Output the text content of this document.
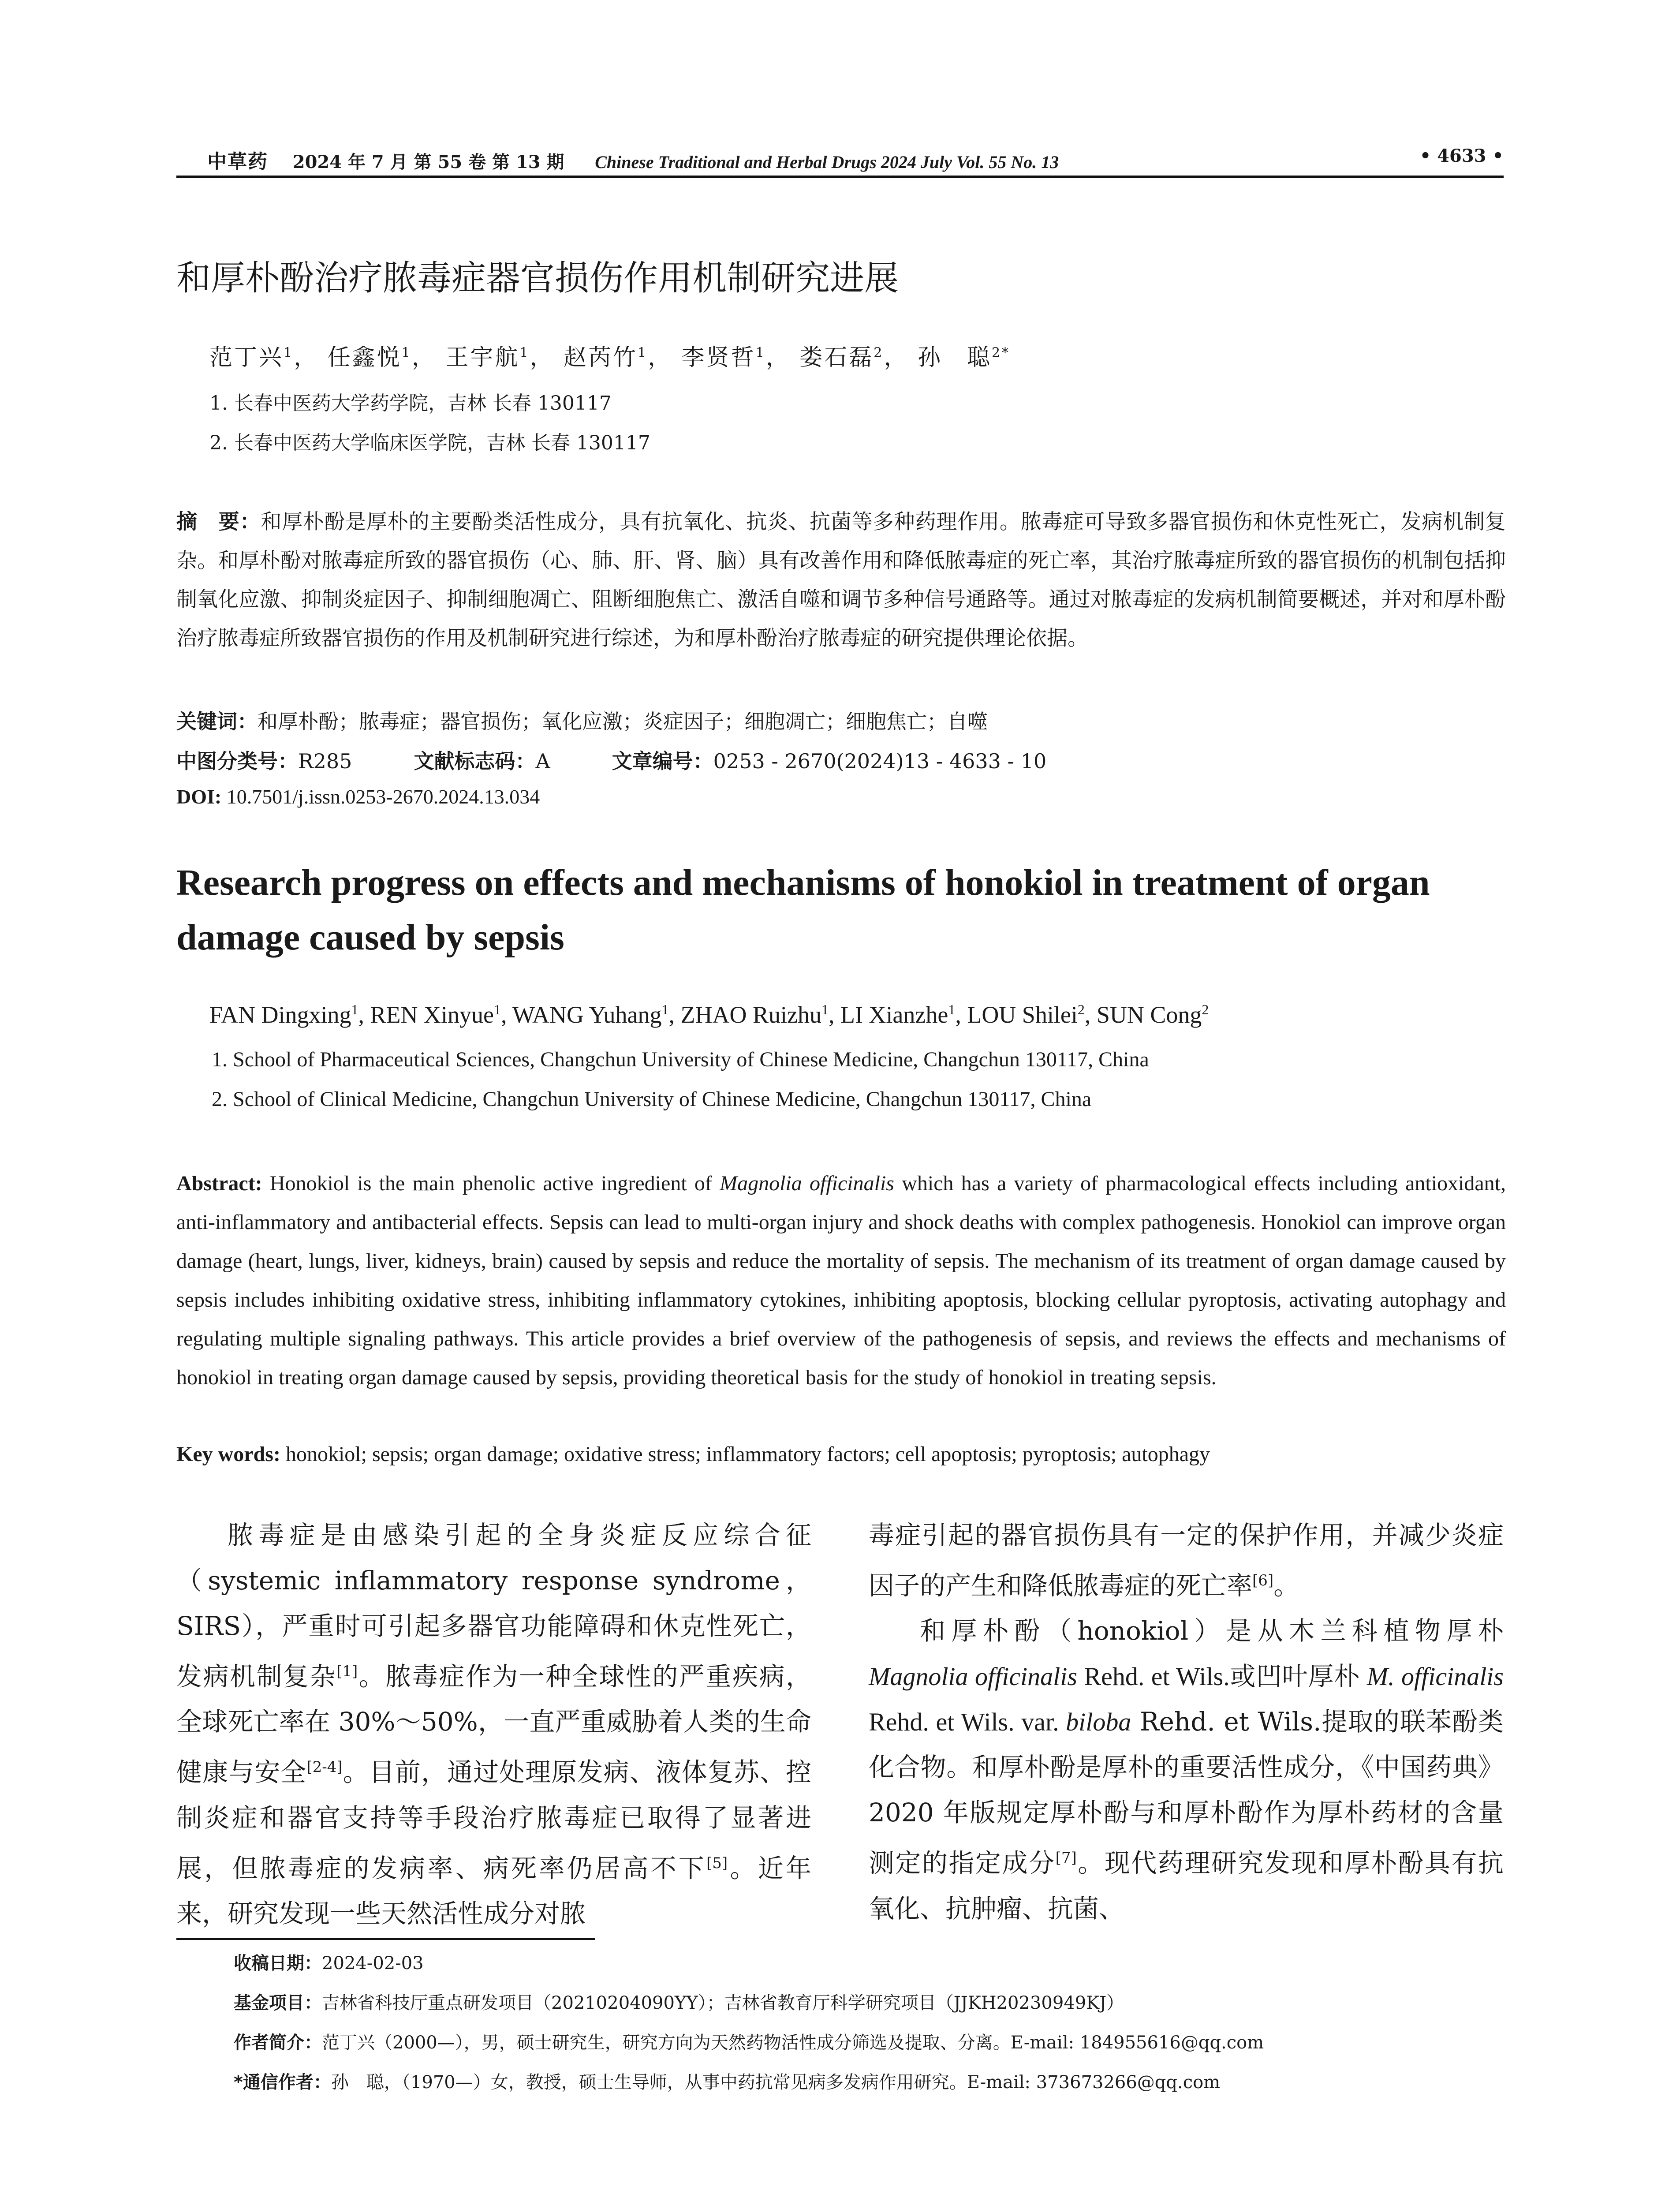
中草药 2024 年 7 月 第 55 卷 第 13 期 Chinese Traditional and Herbal Drugs 2024 July Vol. 55 No. 13	• 4633 •
和厚朴酚治疗脓毒症器官损伤作用机制研究进展
范丁兴$^1$， 任鑫悦$^1$， 王宇航$^1$， 赵芮竹$^1$， 李贤哲$^1$， 娄石磊$^2$， 孙　聪$^{2*}$
1. 长春中医药大学药学院，吉林 长春 130117
2. 长春中医药大学临床医学院，吉林 长春 130117
摘　要：和厚朴酚是厚朴的主要酚类活性成分，具有抗氧化、抗炎、抗菌等多种药理作用。脓毒症可导致多器官损伤和休克性死亡，发病机制复杂。和厚朴酚对脓毒症所致的器官损伤（心、肺、肝、肾、脑）具有改善作用和降低脓毒症的死亡率，其治疗脓毒症所致的器官损伤的机制包括抑制氧化应激、抑制炎症因子、抑制细胞凋亡、阻断细胞焦亡、激活自噬和调节多种信号通路等。通过对脓毒症的发病机制简要概述，并对和厚朴酚治疗脓毒症所致器官损伤的作用及机制研究进行综述，为和厚朴酚治疗脓毒症的研究提供理论依据。
关键词：和厚朴酚；脓毒症；器官损伤；氧化应激；炎症因子；细胞凋亡；细胞焦亡；自噬
中图分类号：R285	文献标志码：A	文章编号：0253 - 2670(2024)13 - 4633 - 10
DOI: 10.7501/j.issn.0253-2670.2024.13.034
Research progress on effects and mechanisms of honokiol in treatment of organ damage caused by sepsis
FAN Dingxing$^1$, REN Xinyue$^1$, WANG Yuhang$^1$, ZHAO Ruizhu$^1$, LI Xianzhe$^1$, LOU Shilei$^2$, SUN Cong$^2$
1. School of Pharmaceutical Sciences, Changchun University of Chinese Medicine, Changchun 130117, China
2. School of Clinical Medicine, Changchun University of Chinese Medicine, Changchun 130117, China
Abstract: Honokiol is the main phenolic active ingredient of Magnolia officinalis which has a variety of pharmacological effects including antioxidant, anti-inflammatory and antibacterial effects. Sepsis can lead to multi-organ injury and shock deaths with complex pathogenesis. Honokiol can improve organ damage (heart, lungs, liver, kidneys, brain) caused by sepsis and reduce the mortality of sepsis. The mechanism of its treatment of organ damage caused by sepsis includes inhibiting oxidative stress, inhibiting inflammatory cytokines, inhibiting apoptosis, blocking cellular pyroptosis, activating autophagy and regulating multiple signaling pathways. This article provides a brief overview of the pathogenesis of sepsis, and reviews the effects and mechanisms of honokiol in treating organ damage caused by sepsis, providing theoretical basis for the study of honokiol in treating sepsis.
Key words: honokiol; sepsis; organ damage; oxidative stress; inflammatory factors; cell apoptosis; pyroptosis; autophagy

脓毒症是由感染引起的全身炎症反应综合征（systemic inflammatory response syndrome，SIRS），严重时可引起多器官功能障碍和休克性死亡，发病机制复杂[1]。脓毒症作为一种全球性的严重疾病，全球死亡率在 30%～50%，一直严重威胁着人类的生命健康与安全[2-4]。目前，通过处理原发病、液体复苏、控制炎症和器官支持等手段治疗脓毒症已取得了显著进展，但脓毒症的发病率、病死率仍居高不下[5]。近年来，研究发现一些天然活性成分对脓

毒症引起的器官损伤具有一定的保护作用，并减少炎症因子的产生和降低脓毒症的死亡率[6]。

和厚朴酚（honokiol）是从木兰科植物厚朴 Magnolia officinalis Rehd. et Wils.或凹叶厚朴 M. officinalis Rehd. et Wils. var. biloba Rehd. et Wils.提取的联苯酚类化合物。和厚朴酚是厚朴的重要活性成分，《中国药典》2020 年版规定厚朴酚与和厚朴酚作为厚朴药材的含量测定的指定成分[7]。现代药理研究发现和厚朴酚具有抗氧化、抗肿瘤、抗菌、

收稿日期：2024-02-03
基金项目：吉林省科技厅重点研发项目（20210204090YY）；吉林省教育厅科学研究项目（JJKH20230949KJ）
作者简介：范丁兴（2000—），男，硕士研究生，研究方向为天然药物活性成分筛选及提取、分离。E-mail: 184955616@qq.com
*通信作者：孙　聪，（1970—）女，教授，硕士生导师，从事中药抗常见病多发病作用研究。E-mail: 373673266@qq.com
